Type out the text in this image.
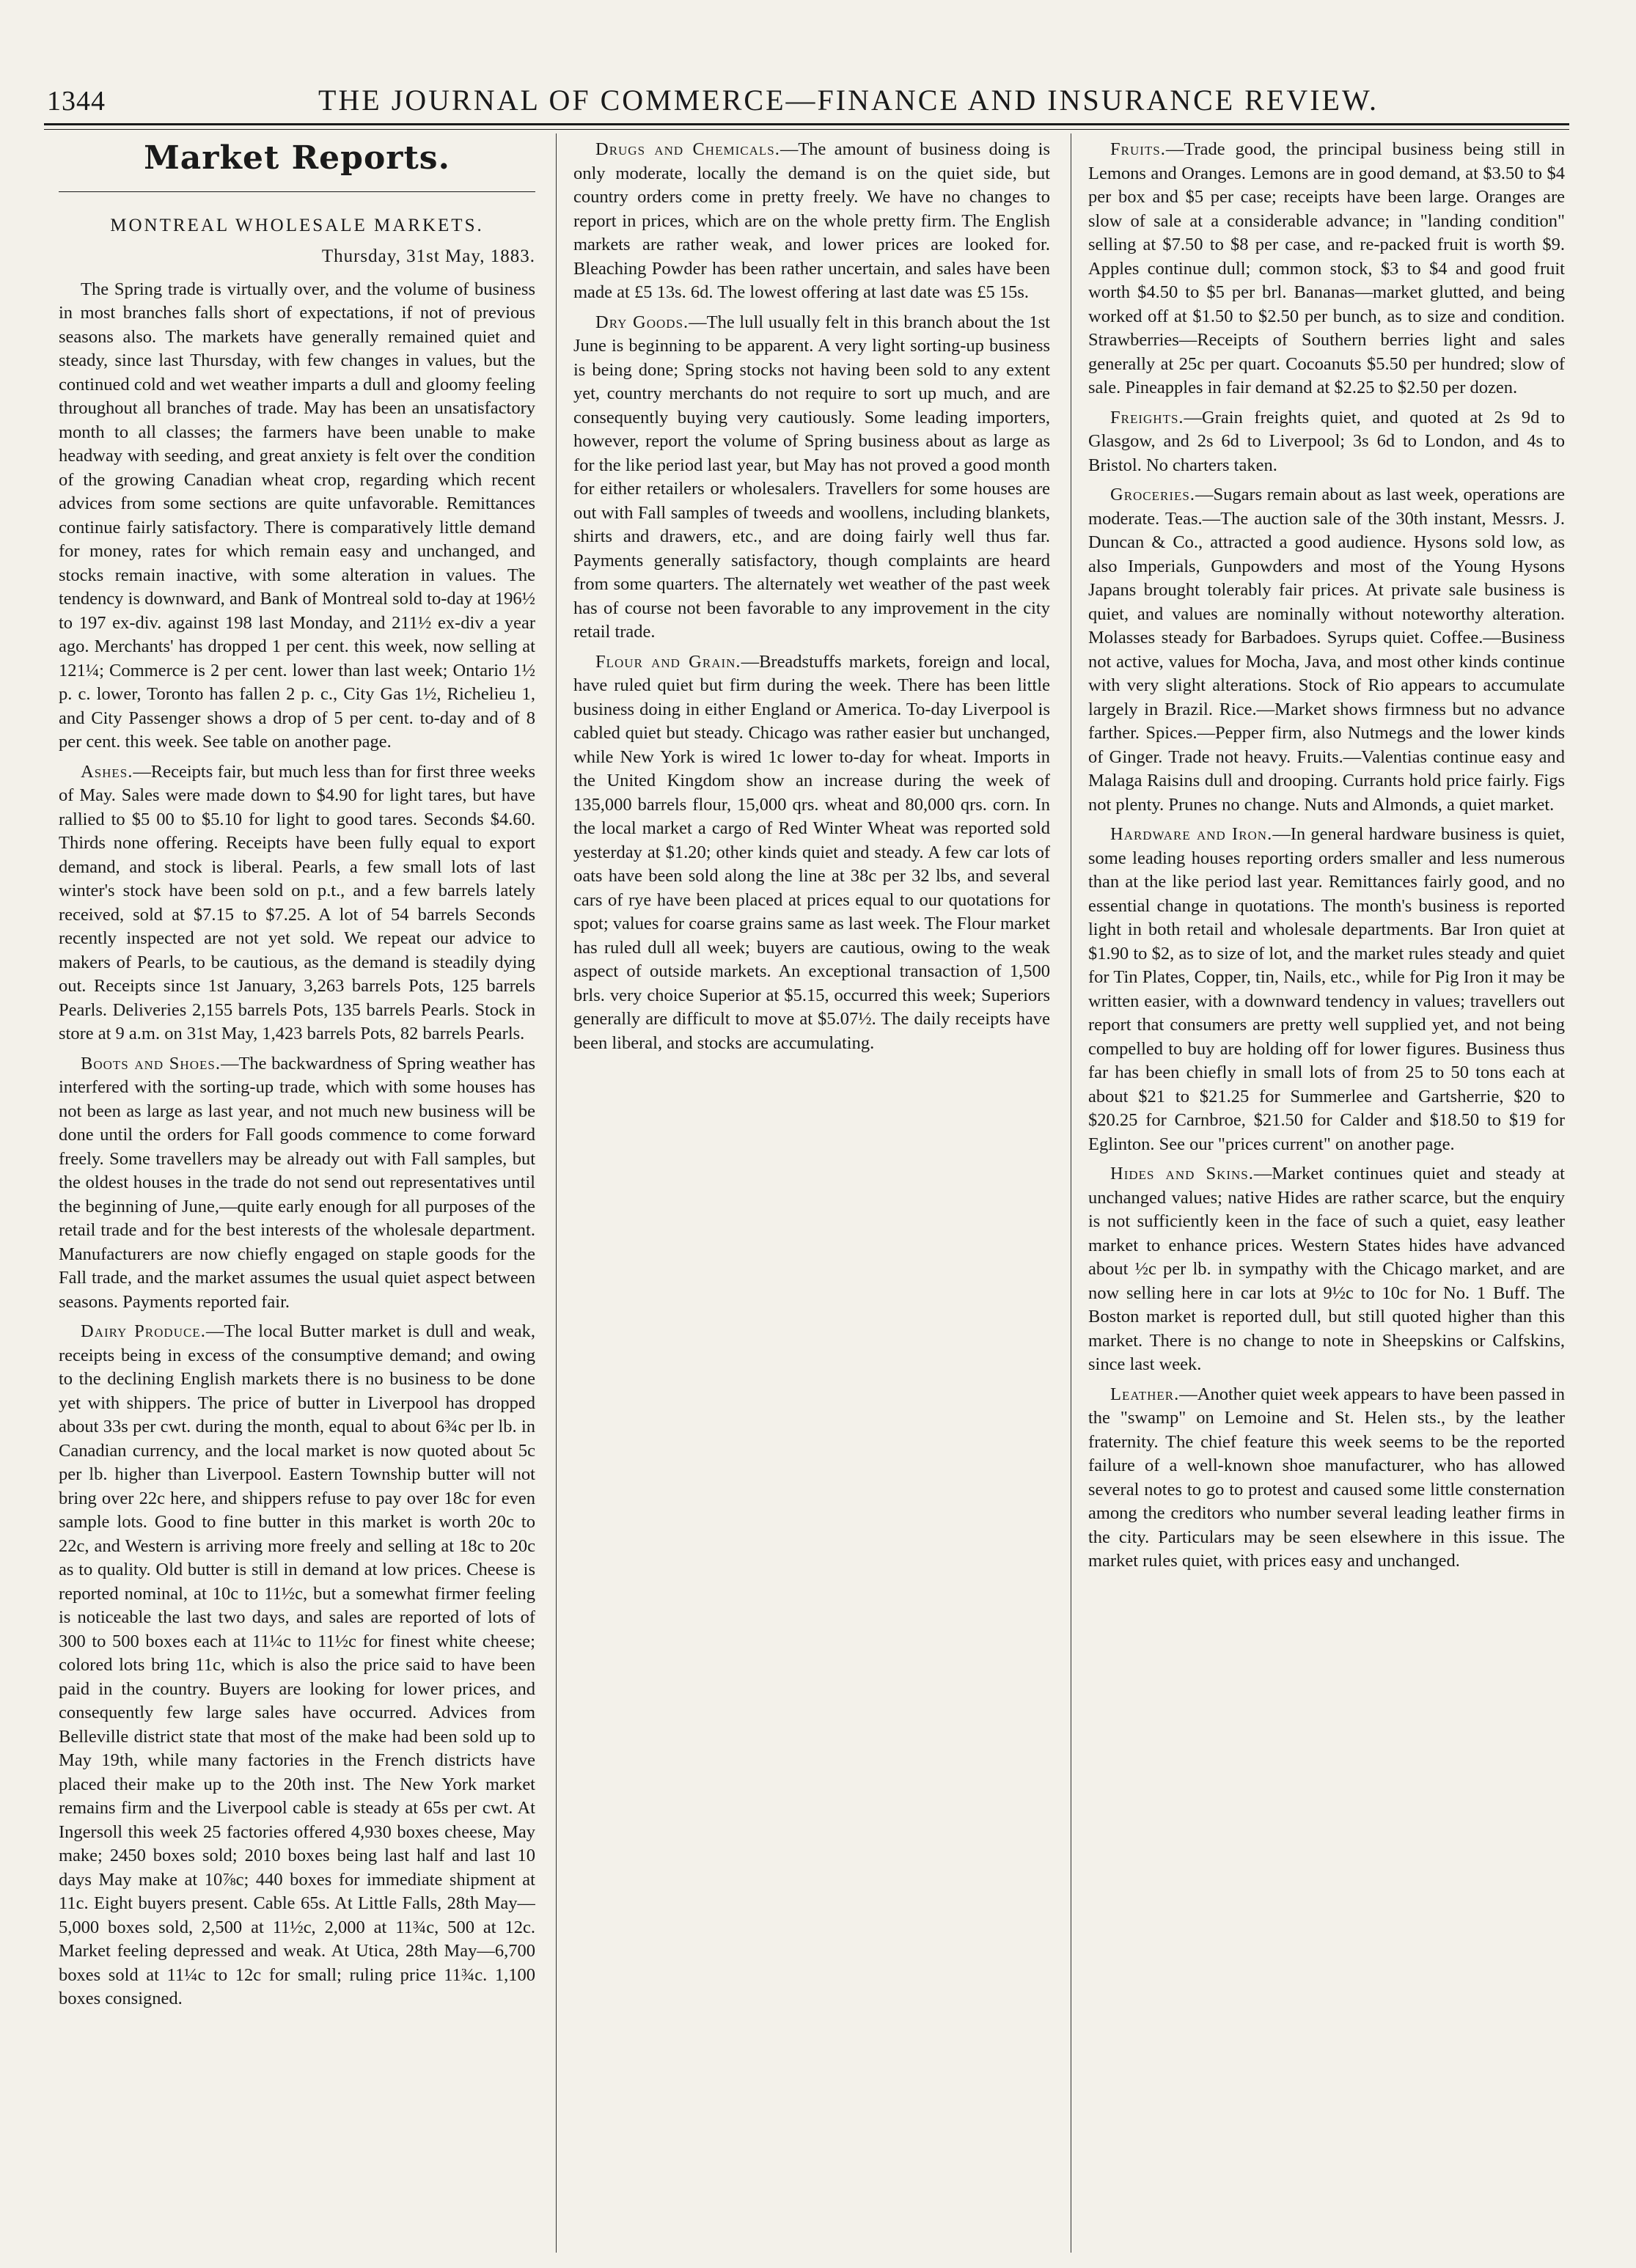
1344	THE JOURNAL OF COMMERCE—FINANCE AND INSURANCE REVIEW.
Market Reports.
MONTREAL WHOLESALE MARKETS.
Thursday, 31st May, 1883.

The Spring trade is virtually over, and the volume of business in most branches falls short of expectations, if not of previous seasons also. The markets have generally remained quiet and steady, since last Thursday, with few changes in values, but the continued cold and wet weather imparts a dull and gloomy feeling throughout all branches of trade. May has been an unsatisfactory month to all classes; the farmers have been unable to make headway with seeding, and great anxiety is felt over the condition of the growing Canadian wheat crop, regarding which recent advices from some sections are quite unfavorable. Remittances continue fairly satisfactory. There is comparatively little demand for money, rates for which remain easy and unchanged, and stocks remain inactive, with some alteration in values. The tendency is downward, and Bank of Montreal sold to-day at 196½ to 197 ex-div. against 198 last Monday, and 211½ ex-div a year ago. Merchants' has dropped 1 per cent. this week, now selling at 121¼; Commerce is 2 per cent. lower than last week; Ontario 1½ p. c. lower, Toronto has fallen 2 p. c., City Gas 1½, Richelieu 1, and City Passenger shows a drop of 5 per cent. to-day and of 8 per cent. this week. See table on another page.

Ashes.—Receipts fair, but much less than for first three weeks of May. Sales were made down to $4.90 for light tares, but have rallied to $5 00 to $5.10 for light to good tares. Seconds $4.60. Thirds none offering. Receipts have been fully equal to export demand, and stock is liberal. Pearls, a few small lots of last winter's stock have been sold on p.t., and a few barrels lately received, sold at $7.15 to $7.25. A lot of 54 barrels Seconds recently inspected are not yet sold. We repeat our advice to makers of Pearls, to be cautious, as the demand is steadily dying out. Receipts since 1st January, 3,263 barrels Pots, 125 barrels Pearls. Deliveries 2,155 barrels Pots, 135 barrels Pearls. Stock in store at 9 a.m. on 31st May, 1,423 barrels Pots, 82 barrels Pearls.

Boots and Shoes.—The backwardness of Spring weather has interfered with the sorting-up trade, which with some houses has not been as large as last year, and not much new business will be done until the orders for Fall goods commence to come forward freely. Some travellers may be already out with Fall samples, but the oldest houses in the trade do not send out representatives until the beginning of June,—quite early enough for all purposes of the retail trade and for the best interests of the wholesale department. Manufacturers are now chiefly engaged on staple goods for the Fall trade, and the market assumes the usual quiet aspect between seasons. Payments reported fair.

Dairy Produce.—The local Butter market is dull and weak, receipts being in excess of the consumptive demand; and owing to the declining English markets there is no business to be done yet with shippers. The price of butter in Liverpool has dropped about 33s per cwt. during the month, equal to about 6¾c per lb. in Canadian currency, and the local market is now quoted about 5c per lb. higher than Liverpool. Eastern Township butter will not bring over 22c here, and shippers refuse to pay over 18c for even sample lots. Good to fine butter in this market is worth 20c to 22c, and Western is arriving more freely and selling at 18c to 20c as to quality. Old butter is still in demand at low prices. Cheese is reported nominal, at 10c to 11½c, but a somewhat firmer feeling is noticeable the last two days, and sales are reported of lots of 300 to 500 boxes each at 11¼c to 11½c for finest white cheese; colored lots bring 11c, which is also the price said to have been paid in the country. Buyers are looking for lower prices, and consequently few large sales have occurred. Advices from Belleville district state that most of the make had been sold up to May 19th, while many factories in the French districts have placed their make up to the 20th inst. The New York market remains firm and the Liverpool cable is steady at 65s per cwt. At Ingersoll this week 25 factories offered 4,930 boxes cheese, May make; 2450 boxes sold; 2010 boxes being last half and last 10 days May make at 10⅞c; 440 boxes for immediate shipment at 11c. Eight buyers present. Cable 65s. At Little Falls, 28th May—5,000 boxes sold, 2,500 at 11½c, 2,000 at 11¾c, 500 at 12c. Market feeling depressed and weak. At Utica, 28th May—6,700 boxes sold at 11¼c to 12c for small; ruling price 11¾c. 1,100 boxes consigned.

Drugs and Chemicals.—The amount of business doing is only moderate, locally the demand is on the quiet side, but country orders come in pretty freely. We have no changes to report in prices, which are on the whole pretty firm. The English markets are rather weak, and lower prices are looked for. Bleaching Powder has been rather uncertain, and sales have been made at £5 13s. 6d. The lowest offering at last date was £5 15s.

Dry Goods.—The lull usually felt in this branch about the 1st June is beginning to be apparent. A very light sorting-up business is being done; Spring stocks not having been sold to any extent yet, country merchants do not require to sort up much, and are consequently buying very cautiously. Some leading importers, however, report the volume of Spring business about as large as for the like period last year, but May has not proved a good month for either retailers or wholesalers. Travellers for some houses are out with Fall samples of tweeds and woollens, including blankets, shirts and drawers, etc., and are doing fairly well thus far. Payments generally satisfactory, though complaints are heard from some quarters. The alternately wet weather of the past week has of course not been favorable to any improvement in the city retail trade.

Flour and Grain.—Breadstuffs markets, foreign and local, have ruled quiet but firm during the week. There has been little business doing in either England or America. To-day Liverpool is cabled quiet but steady. Chicago was rather easier but unchanged, while New York is wired 1c lower to-day for wheat. Imports in the United Kingdom show an increase during the week of 135,000 barrels flour, 15,000 qrs. wheat and 80,000 qrs. corn. In the local market a cargo of Red Winter Wheat was reported sold yesterday at $1.20; other kinds quiet and steady. A few car lots of oats have been sold along the line at 38c per 32 lbs, and several cars of rye have been placed at prices equal to our quotations for spot; values for coarse grains same as last week. The Flour market has ruled dull all week; buyers are cautious, owing to the weak aspect of outside markets. An exceptional transaction of 1,500 brls. very choice Superior at $5.15, occurred this week; Superiors generally are difficult to move at $5.07½. The daily receipts have been liberal, and stocks are accumulating.

Fruits.—Trade good, the principal business being still in Lemons and Oranges. Lemons are in good demand, at $3.50 to $4 per box and $5 per case; receipts have been large. Oranges are slow of sale at a considerable advance; in "landing condition" selling at $7.50 to $8 per case, and re-packed fruit is worth $9. Apples continue dull; common stock, $3 to $4 and good fruit worth $4.50 to $5 per brl. Bananas—market glutted, and being worked off at $1.50 to $2.50 per bunch, as to size and condition. Strawberries—Receipts of Southern berries light and sales generally at 25c per quart. Cocoanuts $5.50 per hundred; slow of sale. Pineapples in fair demand at $2.25 to $2.50 per dozen.

Freights.—Grain freights quiet, and quoted at 2s 9d to Glasgow, and 2s 6d to Liverpool; 3s 6d to London, and 4s to Bristol. No charters taken.

Groceries.—Sugars remain about as last week, operations are moderate. Teas.—The auction sale of the 30th instant, Messrs. J. Duncan & Co., attracted a good audience. Hysons sold low, as also Imperials, Gunpowders and most of the Young Hysons Japans brought tolerably fair prices. At private sale business is quiet, and values are nominally without noteworthy alteration. Molasses steady for Barbadoes. Syrups quiet. Coffee.—Business not active, values for Mocha, Java, and most other kinds continue with very slight alterations. Stock of Rio appears to accumulate largely in Brazil. Rice.—Market shows firmness but no advance farther. Spices.—Pepper firm, also Nutmegs and the lower kinds of Ginger. Trade not heavy. Fruits.—Valentias continue easy and Malaga Raisins dull and drooping. Currants hold price fairly. Figs not plenty. Prunes no change. Nuts and Almonds, a quiet market.

Hardware and Iron.—In general hardware business is quiet, some leading houses reporting orders smaller and less numerous than at the like period last year. Remittances fairly good, and no essential change in quotations. The month's business is reported light in both retail and wholesale departments. Bar Iron quiet at $1.90 to $2, as to size of lot, and the market rules steady and quiet for Tin Plates, Copper, tin, Nails, etc., while for Pig Iron it may be written easier, with a downward tendency in values; travellers out report that consumers are pretty well supplied yet, and not being compelled to buy are holding off for lower figures. Business thus far has been chiefly in small lots of from 25 to 50 tons each at about $21 to $21.25 for Summerlee and Gartsherrie, $20 to $20.25 for Carnbroe, $21.50 for Calder and $18.50 to $19 for Eglinton. See our "prices current" on another page.

Hides and Skins.—Market continues quiet and steady at unchanged values; native Hides are rather scarce, but the enquiry is not sufficiently keen in the face of such a quiet, easy leather market to enhance prices. Western States hides have advanced about ½c per lb. in sympathy with the Chicago market, and are now selling here in car lots at 9½c to 10c for No. 1 Buff. The Boston market is reported dull, but still quoted higher than this market. There is no change to note in Sheepskins or Calfskins, since last week.

Leather.—Another quiet week appears to have been passed in the "swamp" on Lemoine and St. Helen sts., by the leather fraternity. The chief feature this week seems to be the reported failure of a well-known shoe manufacturer, who has allowed several notes to go to protest and caused some little consternation among the creditors who number several leading leather firms in the city. Particulars may be seen elsewhere in this issue. The market rules quiet, with prices easy and unchanged.
